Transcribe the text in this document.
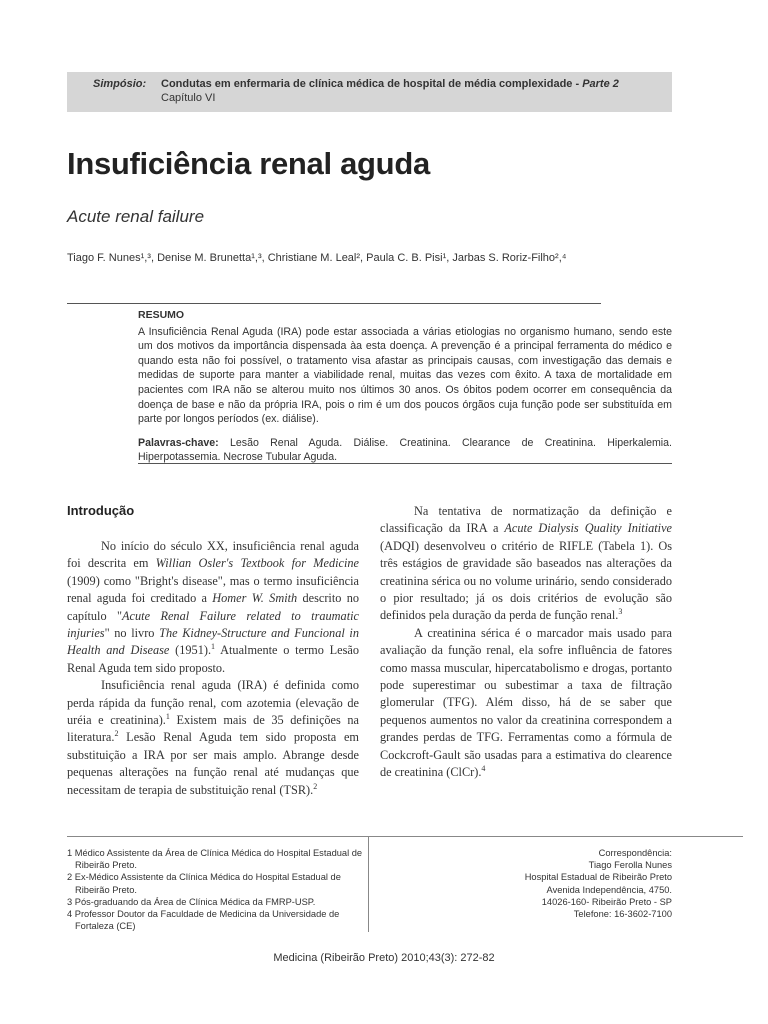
Simpósio: Condutas em enfermaria de clínica médica de hospital de média complexidade - Parte 2
Capítulo VI
Insuficiência renal aguda
Acute renal failure
Tiago F. Nunes¹,³, Denise M. Brunetta¹,³, Christiane M. Leal², Paula C. B. Pisi¹, Jarbas S. Roriz-Filho²,⁴
RESUMO

A Insuficiência Renal Aguda (IRA) pode estar associada a várias etiologias no organismo humano, sendo este um dos motivos da importância dispensada àa esta doença. A prevenção é a principal ferramenta do médico e quando esta não foi possível, o tratamento visa afastar as principais causas, com investigação das demais e medidas de suporte para manter a viabilidade renal, muitas das vezes com êxito. A taxa de mortalidade em pacientes com IRA não se alterou muito nos últimos 30 anos. Os óbitos podem ocorrer em consequência da doença de base e não da própria IRA, pois o rim é um dos poucos órgãos cuja função pode ser substituída em parte por longos períodos (ex. diálise).

Palavras-chave: Lesão Renal Aguda. Diálise. Creatinina. Clearance de Creatinina. Hiperkalemia. Hiperpotassemia. Necrose Tubular Aguda.

Introdução

No início do século XX, insuficiência renal aguda foi descrita em Willian Osler's Textbook for Medicine (1909) como "Bright's disease", mas o termo insuficiência renal aguda foi creditado a Homer W. Smith descrito no capítulo "Acute Renal Failure related to traumatic injuries" no livro The Kidney-Structure and Funcional in Health and Disease (1951).$^1$ Atualmente o termo Lesão Renal Aguda tem sido proposto.

Insuficiência renal aguda (IRA) é definida como perda rápida da função renal, com azotemia (elevação de uréia e creatinina).$^1$ Existem mais de 35 definições na literatura.$^2$ Lesão Renal Aguda tem sido proposta em substituição a IRA por ser mais amplo. Abrange desde pequenas alterações na função renal até mudanças que necessitam de terapia de substituição renal (TSR).$^2$

Na tentativa de normatização da definição e classificação da IRA a Acute Dialysis Quality Initiative (ADQI) desenvolveu o critério de RIFLE (Tabela 1). Os três estágios de gravidade são baseados nas alterações da creatinina sérica ou no volume urinário, sendo considerado o pior resultado; já os dois critérios de evolução são definidos pela duração da perda de função renal.$^3$

A creatinina sérica é o marcador mais usado para avaliação da função renal, ela sofre influência de fatores como massa muscular, hipercatabolismo e drogas, portanto pode superestimar ou subestimar a taxa de filtração glomerular (TFG). Além disso, há de se saber que pequenos aumentos no valor da creatinina correspondem a grandes perdas de TFG. Ferramentas como a fórmula de Cockcroft-Gault são usadas para a estimativa do clearence de creatinina (ClCr).$^4$

1 Médico Assistente da Área de Clínica Médica do Hospital Estadual de Ribeirão Preto.
2 Ex-Médico Assistente da Clínica Médica do Hospital Estadual de Ribeirão Preto.
3 Pós-graduando da Área de Clínica Médica da FMRP-USP.
4 Professor Doutor da Faculdade de Medicina da Universidade de Fortaleza (CE)
Correspondência:
Tiago Ferolla Nunes
Hospital Estadual de Ribeirão Preto
Avenida Independência, 4750.
14026-160- Ribeirão Preto - SP
Telefone: 16-3602-7100
Medicina (Ribeirão Preto) 2010;43(3): 272-82
